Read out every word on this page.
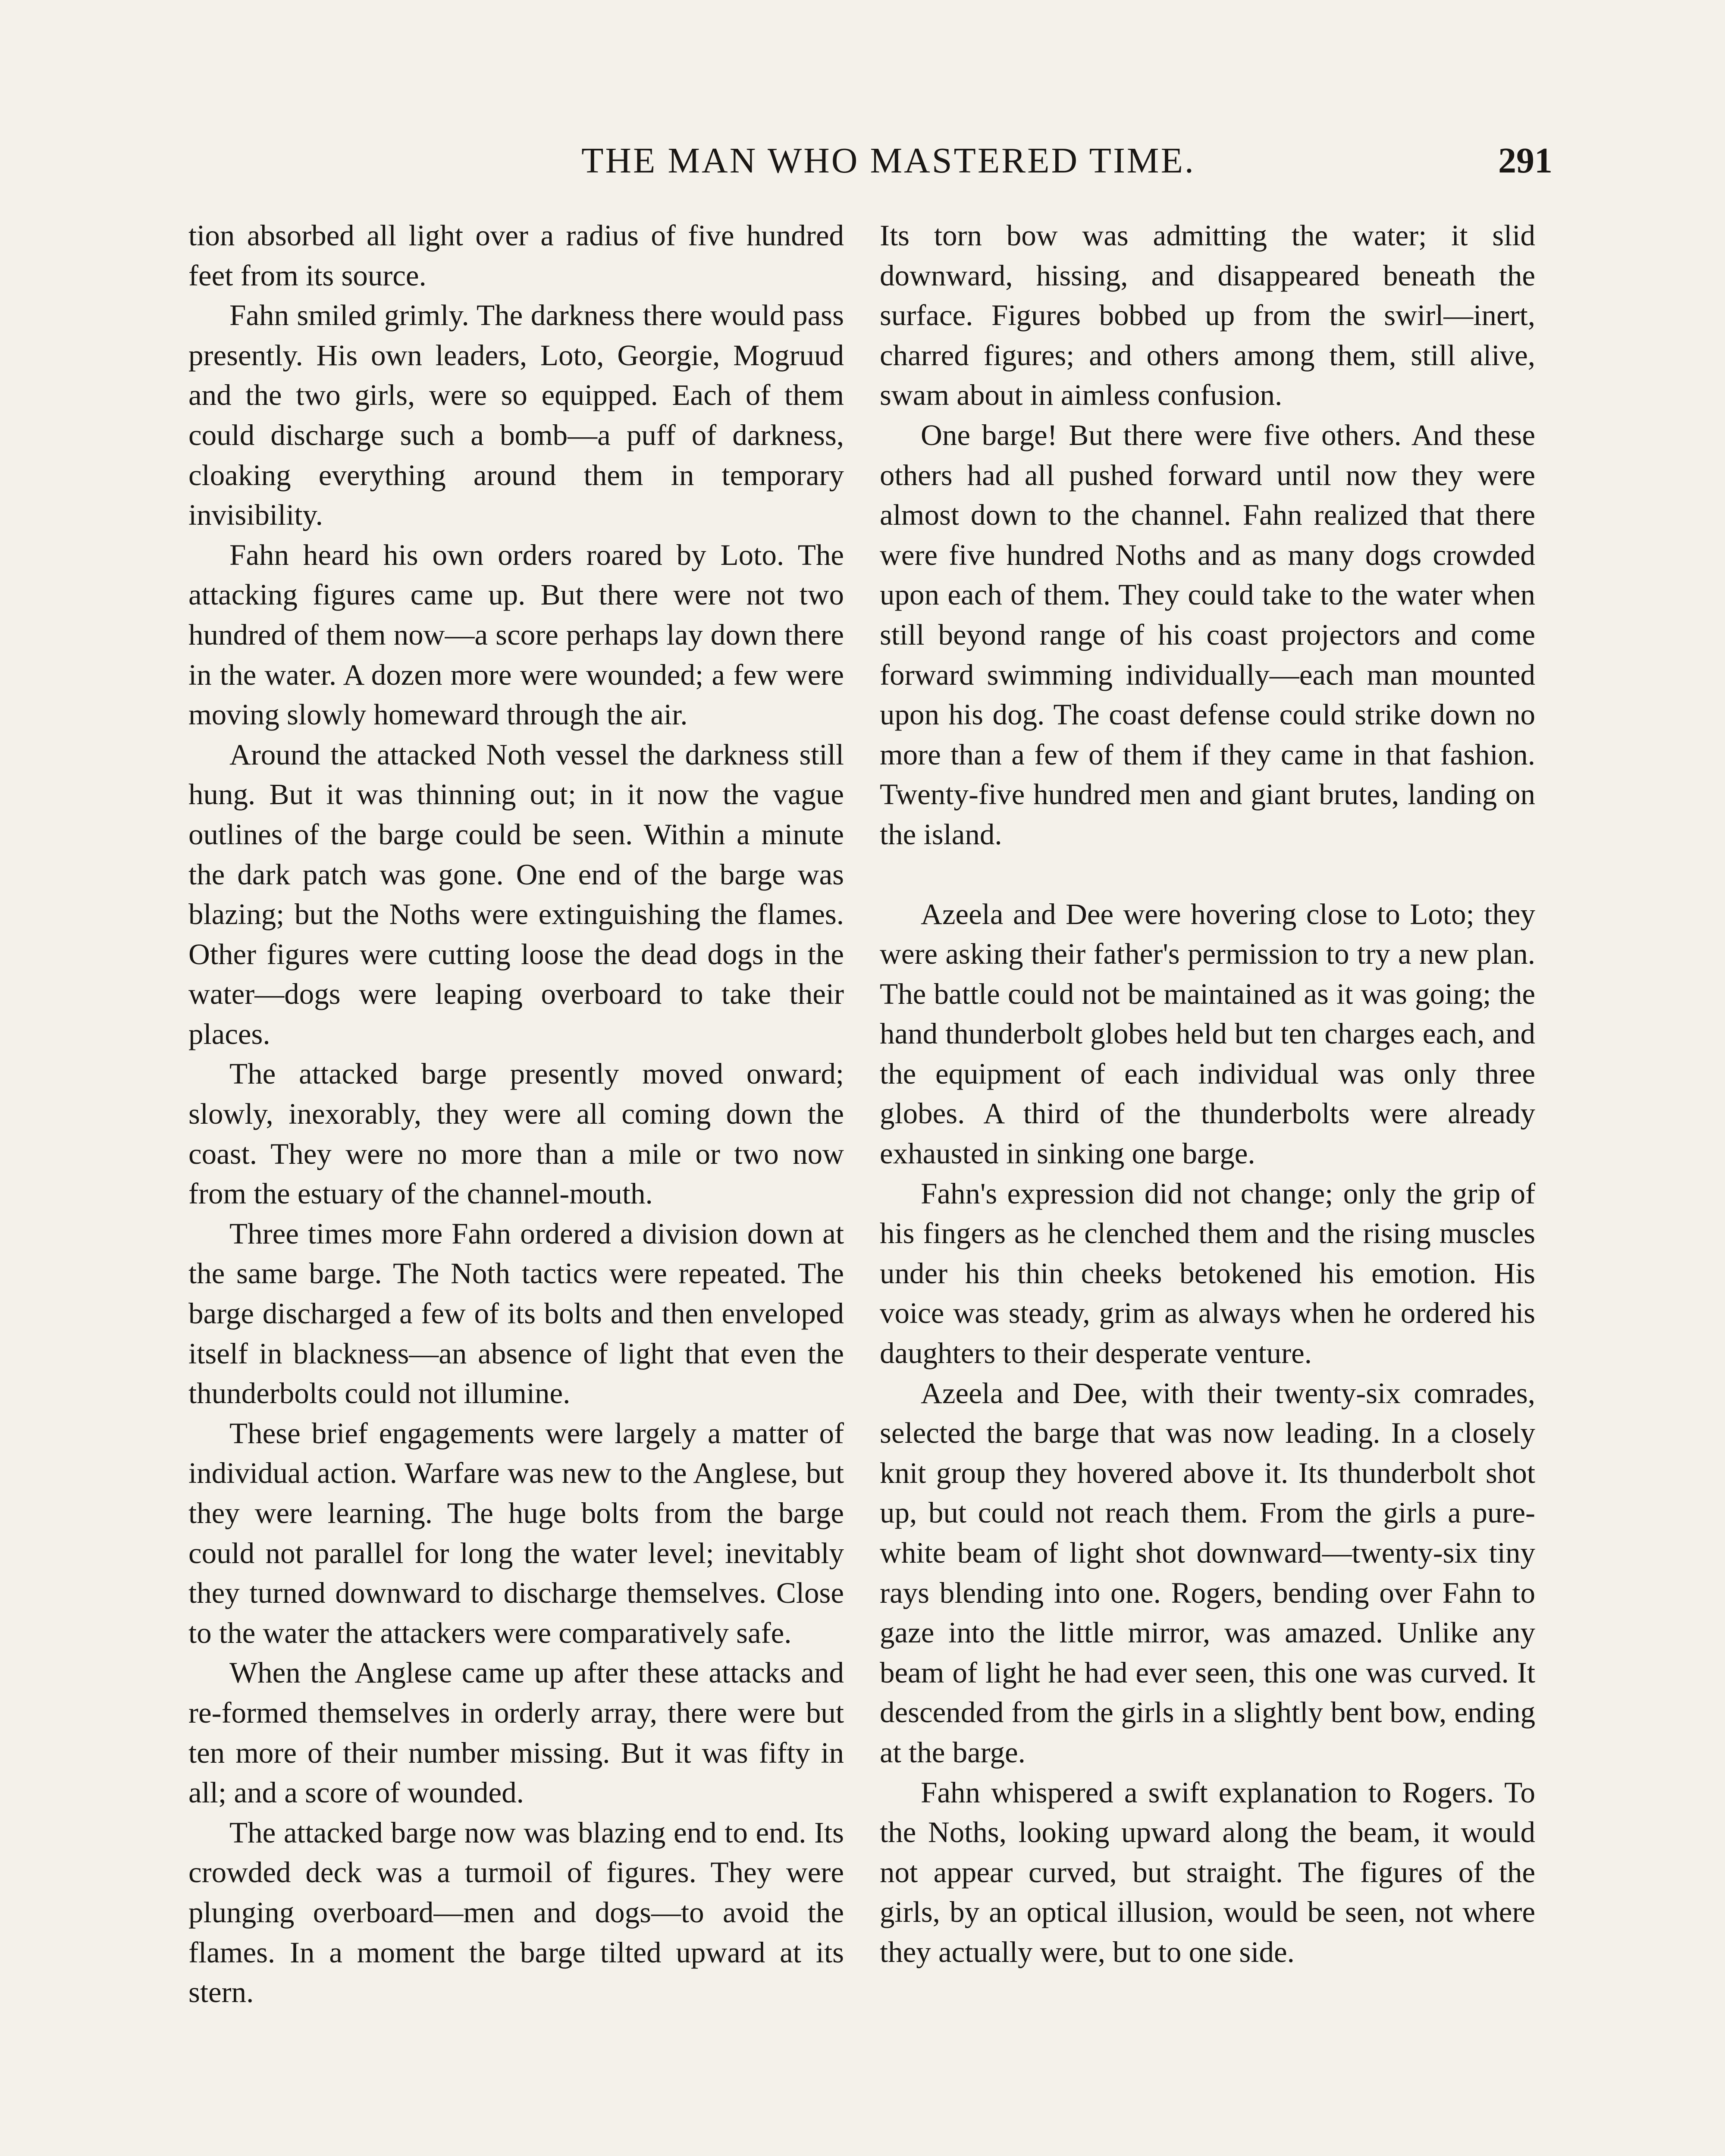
THE MAN WHO MASTERED TIME.	291

tion absorbed all light over a radius of five hundred feet from its source.

Fahn smiled grimly. The darkness there would pass presently. His own leaders, Loto, Georgie, Mogruud and the two girls, were so equipped. Each of them could discharge such a bomb—a puff of darkness, cloaking everything around them in temporary invisibility.

Fahn heard his own orders roared by Loto. The attacking figures came up. But there were not two hundred of them now—a score perhaps lay down there in the water. A dozen more were wounded; a few were moving slowly homeward through the air.

Around the attacked Noth vessel the darkness still hung. But it was thinning out; in it now the vague outlines of the barge could be seen. Within a minute the dark patch was gone. One end of the barge was blazing; but the Noths were extinguishing the flames. Other figures were cutting loose the dead dogs in the water—dogs were leaping overboard to take their places.

The attacked barge presently moved onward; slowly, inexorably, they were all coming down the coast. They were no more than a mile or two now from the estuary of the channel-mouth.

Three times more Fahn ordered a division down at the same barge. The Noth tactics were repeated. The barge discharged a few of its bolts and then enveloped itself in blackness—an absence of light that even the thunderbolts could not illumine.

These brief engagements were largely a matter of individual action. Warfare was new to the Anglese, but they were learning. The huge bolts from the barge could not parallel for long the water level; inevitably they turned downward to discharge themselves. Close to the water the attackers were comparatively safe.

When the Anglese came up after these attacks and re-formed themselves in orderly array, there were but ten more of their number missing. But it was fifty in all; and a score of wounded.

The attacked barge now was blazing end to end. Its crowded deck was a turmoil of figures. They were plunging overboard—men and dogs—to avoid the flames. In a moment the barge tilted upward at its stern.

Its torn bow was admitting the water; it slid downward, hissing, and disappeared beneath the surface. Figures bobbed up from the swirl—inert, charred figures; and others among them, still alive, swam about in aimless confusion.

One barge! But there were five others. And these others had all pushed forward until now they were almost down to the channel. Fahn realized that there were five hundred Noths and as many dogs crowded upon each of them. They could take to the water when still beyond range of his coast projectors and come forward swimming individually—each man mounted upon his dog. The coast defense could strike down no more than a few of them if they came in that fashion. Twenty-five hundred men and giant brutes, landing on the island.

Azeela and Dee were hovering close to Loto; they were asking their father's permission to try a new plan. The battle could not be maintained as it was going; the hand thunderbolt globes held but ten charges each, and the equipment of each individual was only three globes. A third of the thunderbolts were already exhausted in sinking one barge.

Fahn's expression did not change; only the grip of his fingers as he clenched them and the rising muscles under his thin cheeks betokened his emotion. His voice was steady, grim as always when he ordered his daughters to their desperate venture.

Azeela and Dee, with their twenty-six comrades, selected the barge that was now leading. In a closely knit group they hovered above it. Its thunderbolt shot up, but could not reach them. From the girls a pure-white beam of light shot downward—twenty-six tiny rays blending into one. Rogers, bending over Fahn to gaze into the little mirror, was amazed. Unlike any beam of light he had ever seen, this one was curved. It descended from the girls in a slightly bent bow, ending at the barge.

Fahn whispered a swift explanation to Rogers. To the Noths, looking upward along the beam, it would not appear curved, but straight. The figures of the girls, by an optical illusion, would be seen, not where they actually were, but to one side.
